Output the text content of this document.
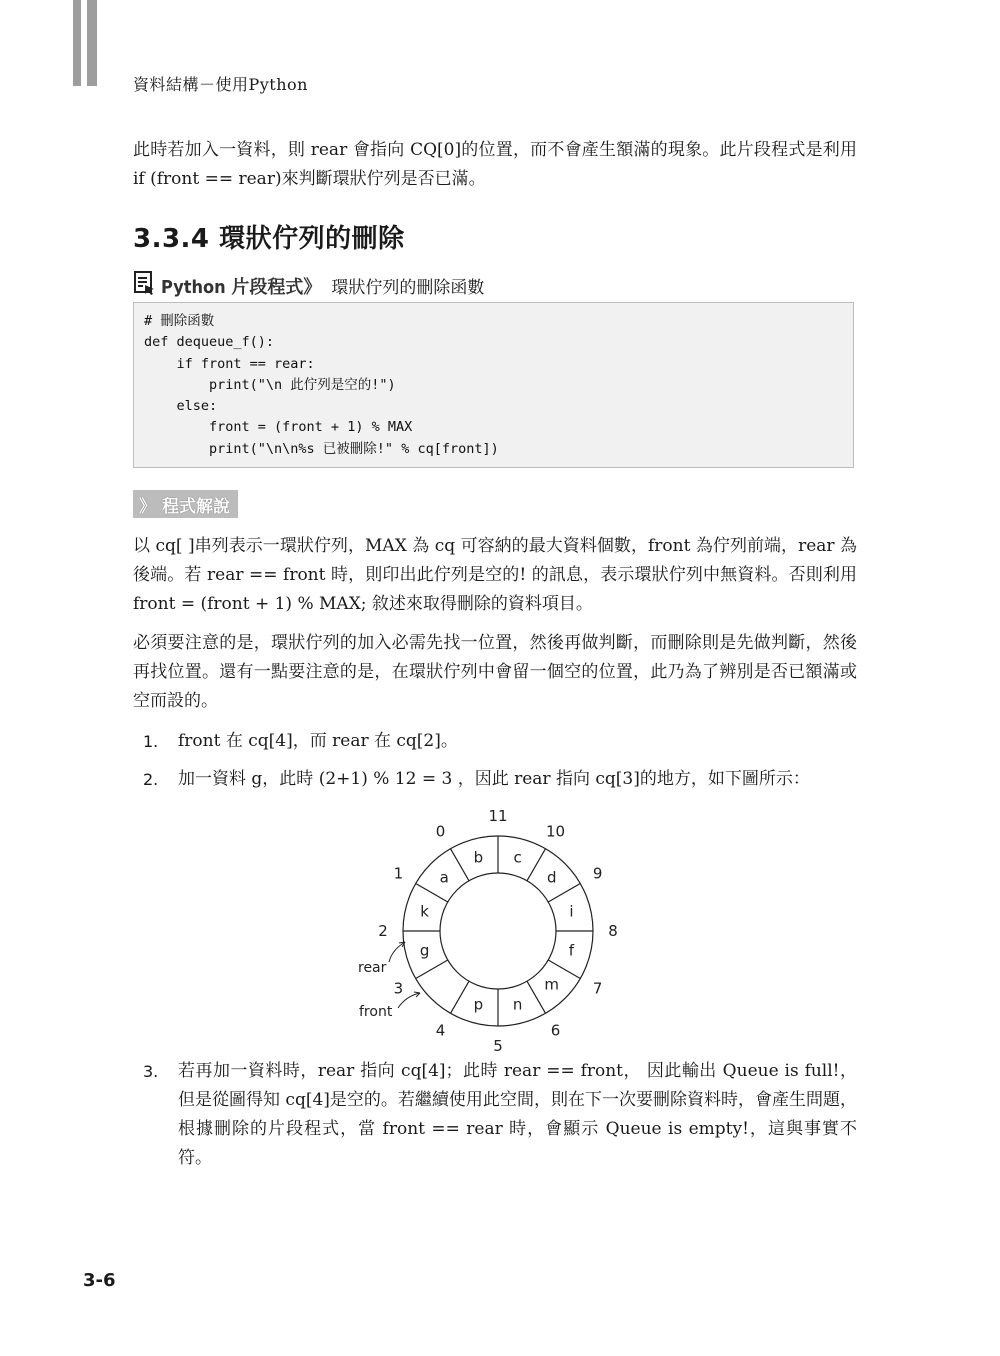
資料結構－使用Python
此時若加入一資料，則 rear 會指向 CQ[0]的位置，而不會產生額滿的現象。此片段程式是利用 if (front == rear)來判斷環狀佇列是否已滿。
3.3.4 環狀佇列的刪除
Python 片段程式》 環狀佇列的刪除函數
# 刪除函數
def dequeue_f():
if front == rear:
print("\n 此佇列是空的!")
else:
front = (front + 1) % MAX
print("\n\n%s 已被刪除!" % cq[front])
》 程式解說
以 cq[ ]串列表示一環狀佇列，MAX 為 cq 可容納的最大資料個數，front 為佇列前端，rear 為後端。若 rear == front 時，則印出此佇列是空的! 的訊息，表示環狀佇列中無資料。否則利用 front = (front + 1) % MAX; 敘述來取得刪除的資料項目。
必須要注意的是，環狀佇列的加入必需先找一位置，然後再做判斷，而刪除則是先做判斷，然後再找位置。還有一點要注意的是，在環狀佇列中會留一個空的位置，此乃為了辨別是否已額滿或空而設的。
1.	front 在 cq[4]，而 rear 在 cq[2]。
2.	加一資料 g，此時 (2+1) % 12 = 3 ，因此 rear 指向 cq[3]的地方，如下圖所示：
b c
d
i
f
m
n
p
g
k
a
0
11
10
9
8
7
6
5
4
3
2
1
rear
front
3.	若再加一資料時，rear 指向 cq[4]；此時 rear == front， 因此輸出 Queue is full!，但是從圖得知 cq[4]是空的。若繼續使用此空間，則在下一次要刪除資料時，會產生問題，根據刪除的片段程式，當 front == rear 時，會顯示 Queue is empty!，這與事實不符。
3-6
